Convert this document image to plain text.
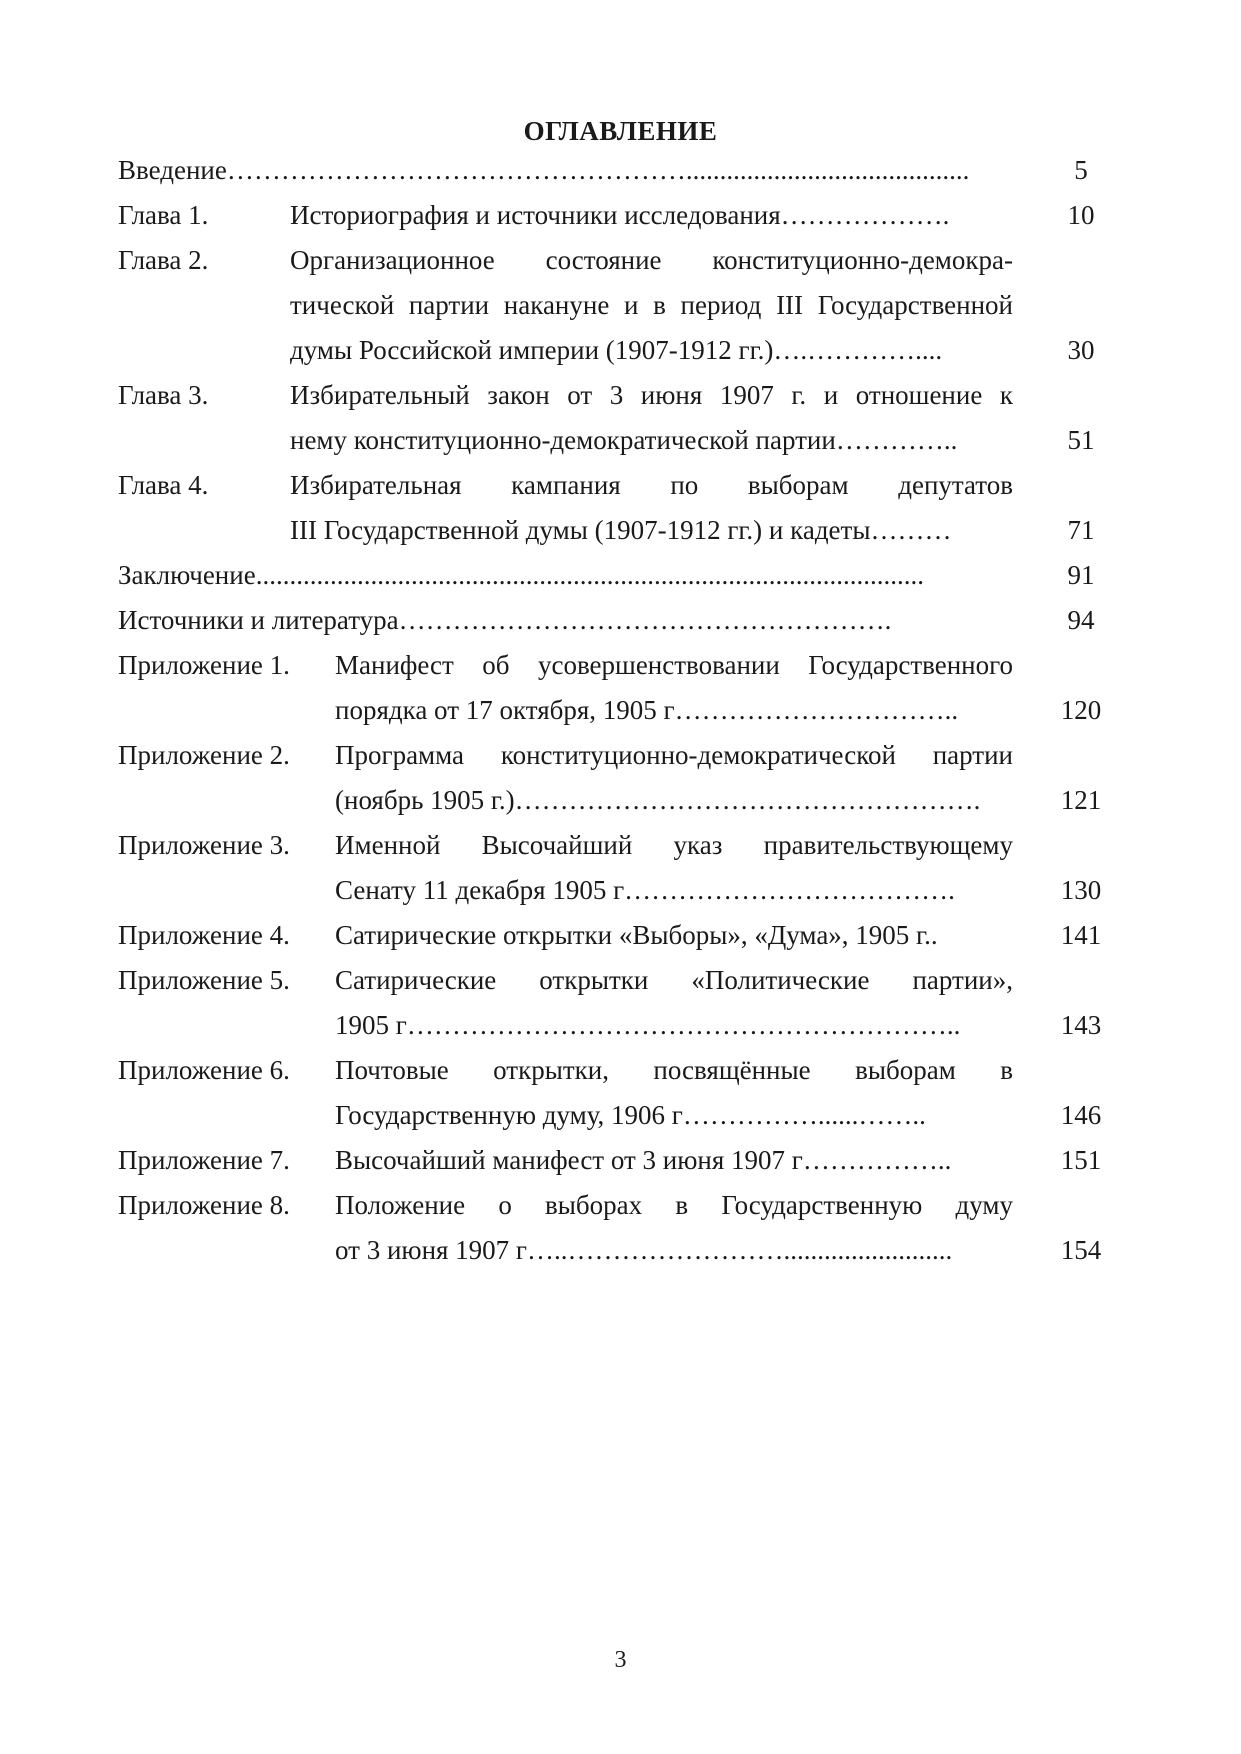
ОГЛАВЛЕНИЕ
Введение……………………………………………..........................................	5
Глава 1.	Историография и источники исследования……………….	10
Глава 2.	Организационное состояние конституционно-демокра-
тической партии накануне и в период III Государственной
думы Российской империи (1907-1912 гг.)….…………....	30
Глава 3.	Избирательный закон от 3 июня 1907 г. и отношение к
нему конституционно-демократической партии…………..	51
Глава 4.	Избирательная кампания по выборам депутатов
III Государственной думы (1907-1912 гг.) и кадеты………	71
Заключение...................................................................................................	91
Источники и литература……………………………………………….	94
Приложение 1. Манифест об усовершенствовании Государственного
порядка от 17 октября, 1905 г…………………………..	120
Приложение 2. Программа конституционно-демократической партии
(ноябрь 1905 г.)…………………………………………….	121
Приложение 3. Именной Высочайший указ правительствующему
Сенату 11 декабря 1905 г……………………………….	130
Приложение 4. Сатирические открытки «Выборы», «Дума», 1905 г..	141
Приложение 5. Сатирические открытки «Политические партии»,
1905 г……………………………………………………..	143
Приложение 6. Почтовые открытки, посвящённые выборам в
Государственную думу, 1906 г……………......……..	146
Приложение 7. Высочайший манифест от 3 июня 1907 г……………..	151
Приложение 8. Положение о выборах в Государственную думу
от 3 июня 1907 г…..…………………….........................	154
3
